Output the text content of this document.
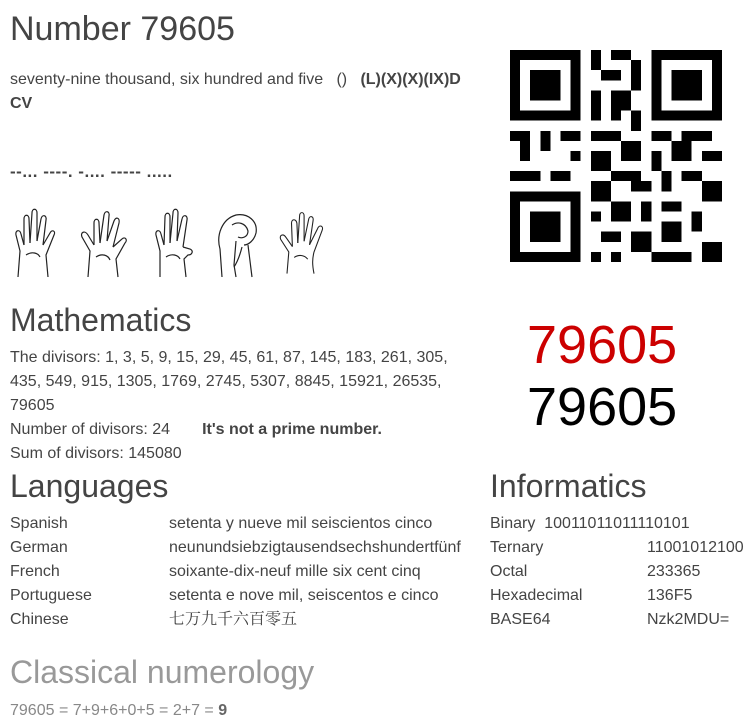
Number 79605
seventy-nine thousand, six hundred and five () (L)(X)(X)(IX)D
CV
--... ----. -.... ----- .....
79605
79605
Mathematics
The divisors: 1, 3, 5, 9, 15, 29, 45, 61, 87, 145, 183, 261, 305,
435, 549, 915, 1305, 1769, 2745, 5307, 8845, 15921, 26535,
79605
Number of divisors: 24 It's not a prime number.
Sum of divisors: 145080
Languages
Spanish	setenta y nueve mil seiscientos cinco
German	neunundsiebzigtausendsechshundertfünf
French	soixante-dix-neuf mille six cent cinq
Portuguese	setenta e nove mil, seiscentos e cinco
Chinese	七万九千六百零五
Informatics
Binary 10011011011110101
Ternary	11001012100
Octal	233365
Hexadecimal	136F5
BASE64	Nzk2MDU=
Classical numerology
79605 = 7+9+6+0+5 = 2+7 = 9
